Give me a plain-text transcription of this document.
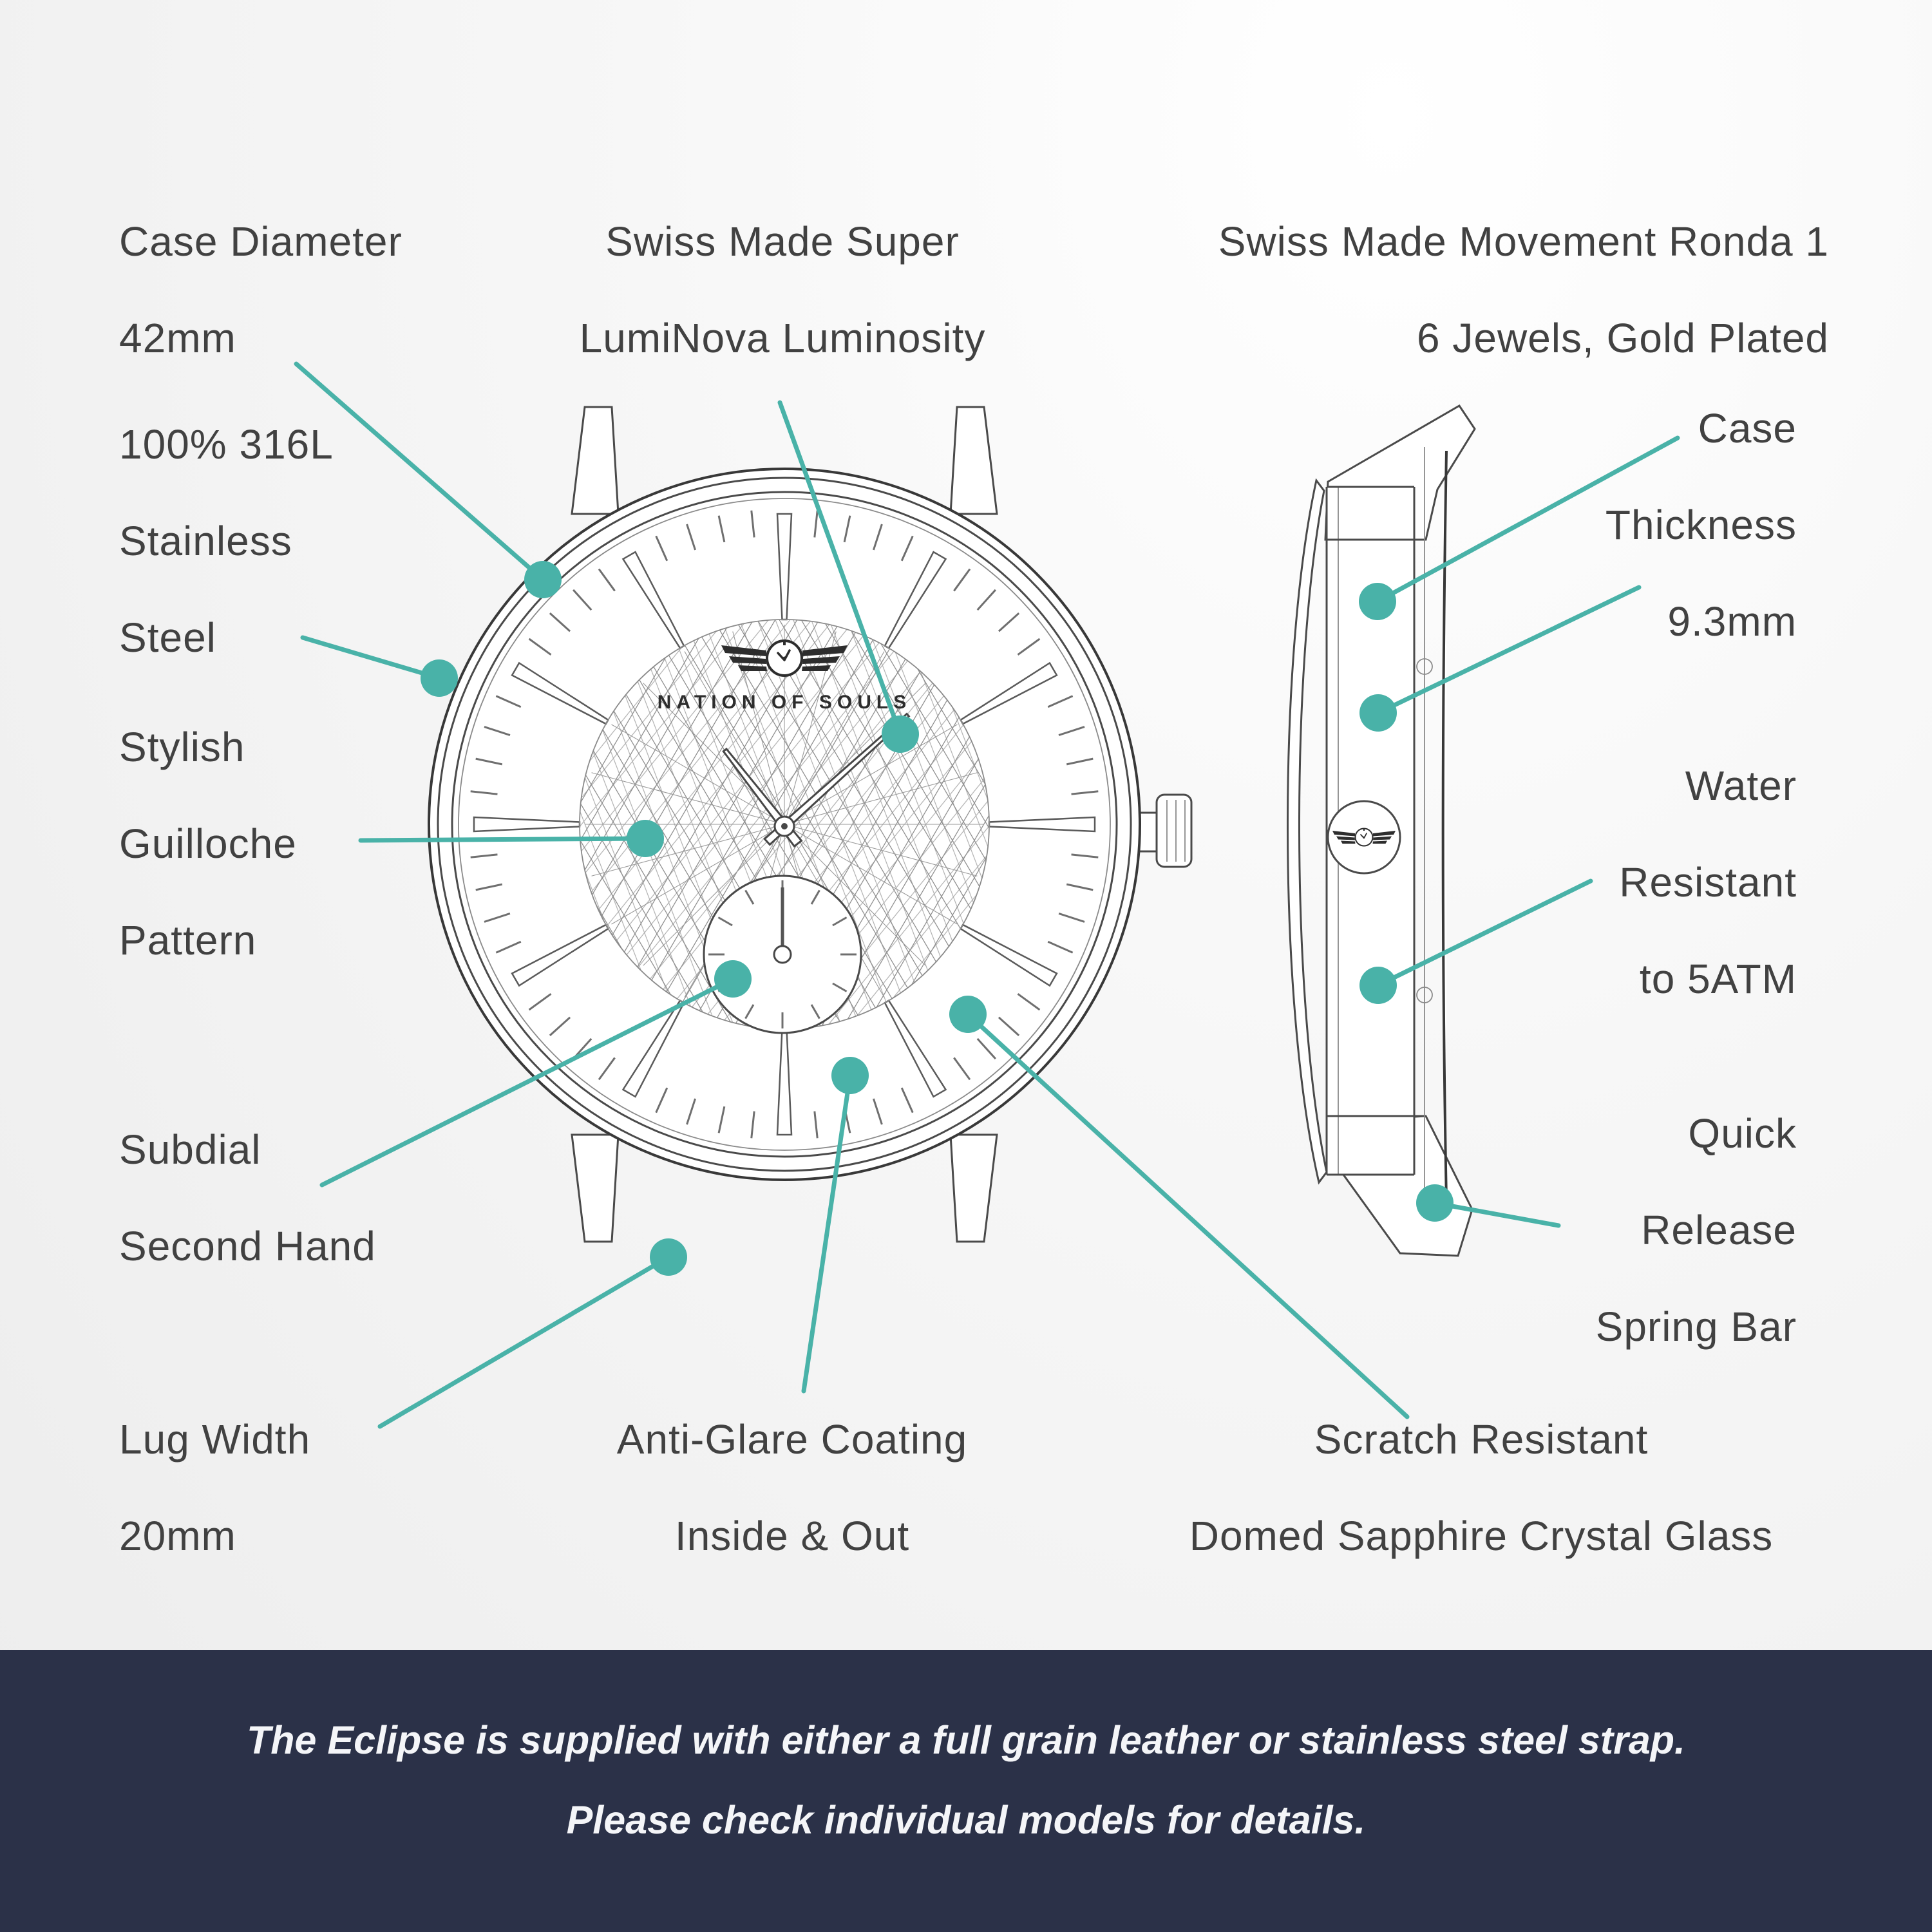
NATION OF SOULS
Case Diameter
42mm
Swiss Made Super
LumiNova Luminosity
Swiss Made Movement Ronda 1
6 Jewels, Gold Plated
100% 316L
Stainless
Steel
Case
Thickness
9.3mm
Stylish
Guilloche
Pattern
Water
Resistant
to 5ATM
Subdial
Second Hand
Quick
Release
Spring Bar
Lug Width
20mm
Anti-Glare Coating
Inside & Out
Scratch Resistant
Domed Sapphire Crystal Glass
The Eclipse is supplied with either a full grain leather or stainless steel strap.
Please check individual models for details.
